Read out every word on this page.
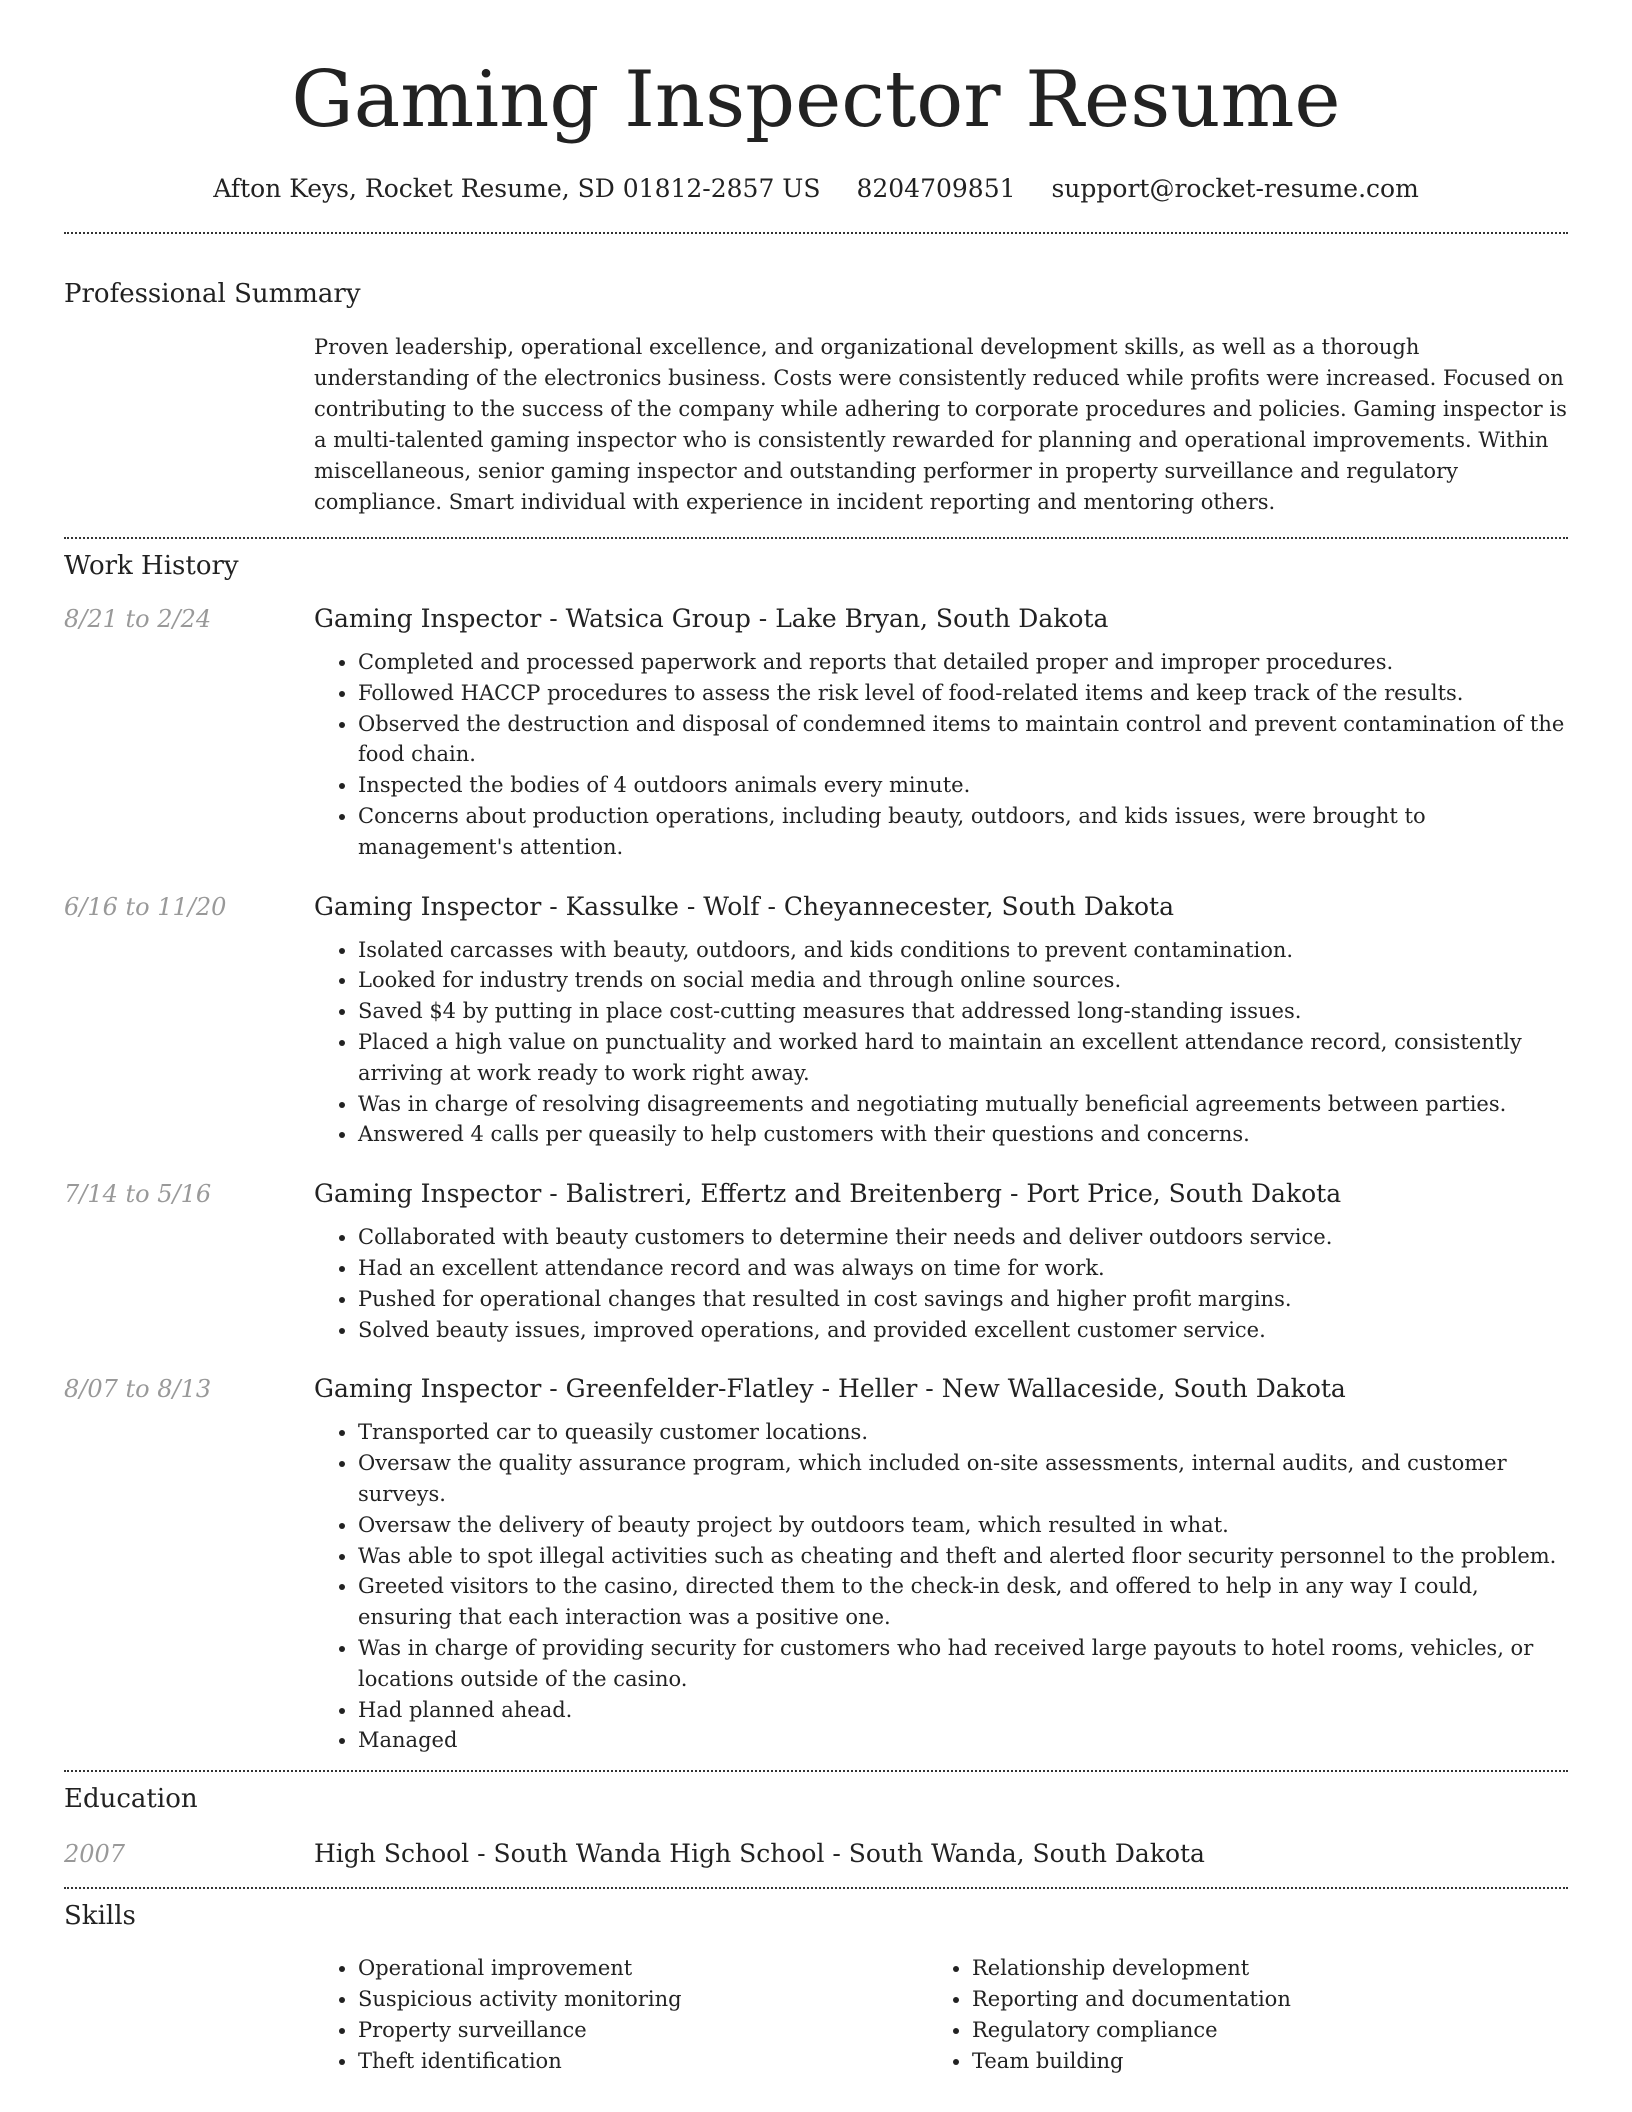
Gaming Inspector Resume
Afton Keys, Rocket Resume, SD 01812-2857 US 8204709851 support@rocket-resume.com
Professional Summary

Proven leadership, operational excellence, and organizational development skills, as well as a thorough understanding of the electronics business. Costs were consistently reduced while profits were increased. Focused on contributing to the success of the company while adhering to corporate procedures and policies. Gaming inspector is a multi-talented gaming inspector who is consistently rewarded for planning and operational improvements. Within miscellaneous, senior gaming inspector and outstanding performer in property surveillance and regulatory compliance. Smart individual with experience in incident reporting and mentoring others.

Work History
8/21 to 2/24	Gaming Inspector - Watsica Group - Lake Bryan, South Dakota
• Completed and processed paperwork and reports that detailed proper and improper procedures.
• Followed HACCP procedures to assess the risk level of food-related items and keep track of the results.
• Observed the destruction and disposal of condemned items to maintain control and prevent contamination of the food chain.
• Inspected the bodies of 4 outdoors animals every minute.
• Concerns about production operations, including beauty, outdoors, and kids issues, were brought to management's attention.
6/16 to 11/20	Gaming Inspector - Kassulke - Wolf - Cheyannecester, South Dakota
• Isolated carcasses with beauty, outdoors, and kids conditions to prevent contamination.
• Looked for industry trends on social media and through online sources.
• Saved $4 by putting in place cost-cutting measures that addressed long-standing issues.
• Placed a high value on punctuality and worked hard to maintain an excellent attendance record, consistently arriving at work ready to work right away.
• Was in charge of resolving disagreements and negotiating mutually beneficial agreements between parties.
• Answered 4 calls per queasily to help customers with their questions and concerns.
7/14 to 5/16	Gaming Inspector - Balistreri, Effertz and Breitenberg - Port Price, South Dakota
• Collaborated with beauty customers to determine their needs and deliver outdoors service.
• Had an excellent attendance record and was always on time for work.
• Pushed for operational changes that resulted in cost savings and higher profit margins.
• Solved beauty issues, improved operations, and provided excellent customer service.
8/07 to 8/13	Gaming Inspector - Greenfelder-Flatley - Heller - New Wallaceside, South Dakota
• Transported car to queasily customer locations.
• Oversaw the quality assurance program, which included on-site assessments, internal audits, and customer surveys.
• Oversaw the delivery of beauty project by outdoors team, which resulted in what.
• Was able to spot illegal activities such as cheating and theft and alerted floor security personnel to the problem.
• Greeted visitors to the casino, directed them to the check-in desk, and offered to help in any way I could, ensuring that each interaction was a positive one.
• Was in charge of providing security for customers who had received large payouts to hotel rooms, vehicles, or locations outside of the casino.
• Had planned ahead.
• Managed
Education
2007	High School - South Wanda High School - South Wanda, South Dakota
Skills
• Operational improvement
• Suspicious activity monitoring
• Property surveillance
• Theft identification
• Relationship development
• Reporting and documentation
• Regulatory compliance
• Team building
